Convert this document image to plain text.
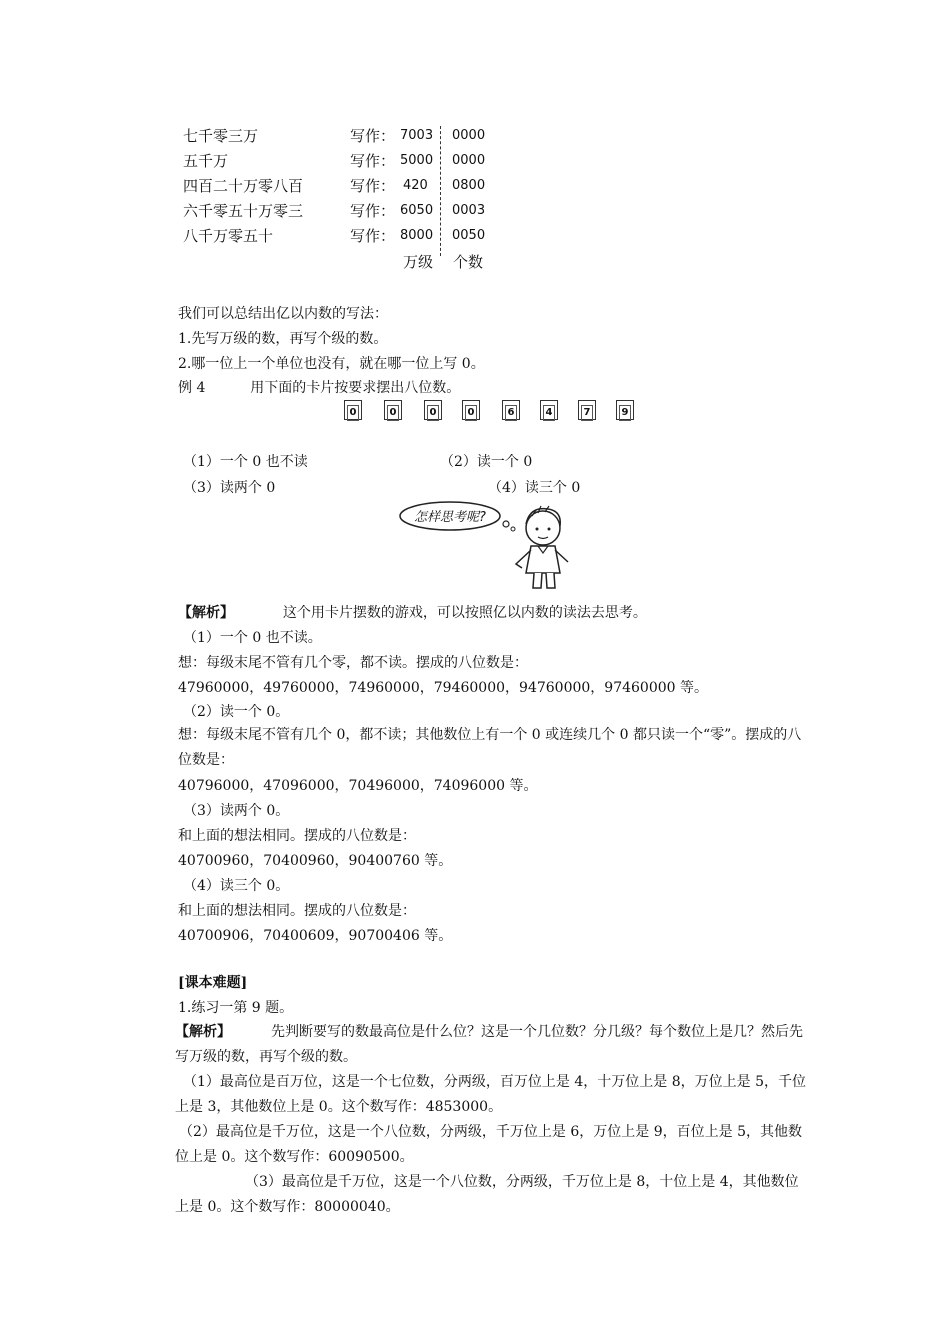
七千零三万	写作： 7003 0000
五千万	写作： 5000 0000
四百二十万零八百	写作： 420 0800
六千零五十万零三	写作： 6050 0003
八千万零五十	写作： 8000 0050
万级 个数
我们可以总结出亿以内数的写法：
1.先写万级的数，再写个级的数。
2.哪一位上一个单位也没有，就在哪一位上写 0。
例 4	用下面的卡片按要求摆出八位数。
0	0	0	0	6	4	7	9
（1）一个 0 也不读	（2）读一个 0
（3）读两个 0	（4）读三个 0
怎样思考呢?
【解析】	这个用卡片摆数的游戏，可以按照亿以内数的读法去思考。
（1）一个 0 也不读。
想：每级末尾不管有几个零，都不读。摆成的八位数是：
47960000，49760000，74960000，79460000，94760000，97460000 等。
（2）读一个 0。
想：每级末尾不管有几个 0，都不读；其他数位上有一个 0 或连续几个 0 都只读一个“零”。摆成的八位数是：
40796000，47096000，70496000，74096000 等。
（3）读两个 0。
和上面的想法相同。摆成的八位数是：
40700960，70400960，90400760 等。
（4）读三个 0。
和上面的想法相同。摆成的八位数是：
40700906，70400609，90700406 等。
[课本难题]
1.练习一第 9 题。
【解析】	先判断要写的数最高位是什么位？这是一个几位数？分几级？每个数位上是几？然后先写万级的数，再写个级的数。
（1）最高位是百万位，这是一个七位数，分两级，百万位上是 4，十万位上是 8，万位上是 5，千位上是 3，其他数位上是 0。这个数写作：4853000。
（2）最高位是千万位，这是一个八位数，分两级，千万位上是 6，万位上是 9，百位上是 5，其他数位上是 0。这个数写作：60090500。
（3）最高位是千万位，这是一个八位数，分两级，千万位上是 8，十位上是 4，其他数位上是 0。这个数写作：80000040。
